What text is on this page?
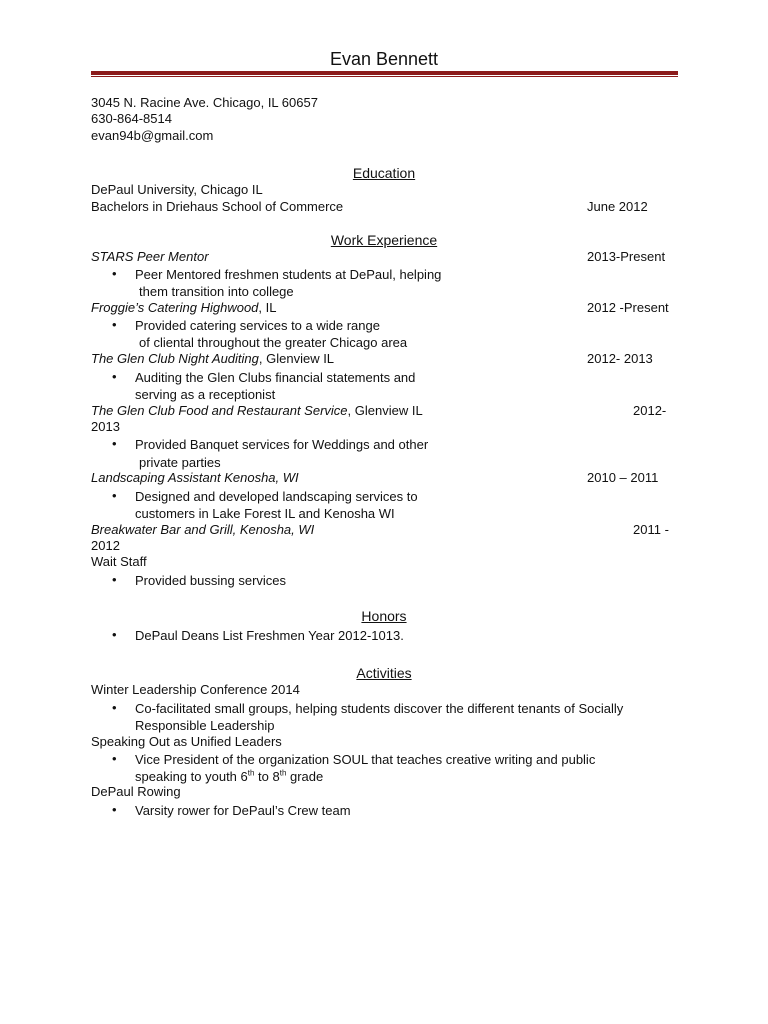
Evan Bennett
3045 N. Racine Ave. Chicago, IL 60657
630-864-8514
evan94b@gmail.com
Education
DePaul University, Chicago IL
Bachelors in Driehaus School of Commerce	June 2012
Work Experience
STARS Peer Mentor	2013-Present
• Peer Mentored freshmen students at DePaul, helping
them transition into college
Froggie’s Catering Highwood, IL	2012 -Present
• Provided catering services to a wide range
of cliental throughout the greater Chicago area
The Glen Club Night Auditing, Glenview IL	2012- 2013
• Auditing the Glen Clubs financial statements and
serving as a receptionist
The Glen Club Food and Restaurant Service, Glenview IL	2012-
2013
• Provided Banquet services for Weddings and other
private parties
Landscaping Assistant Kenosha, WI	2010 – 2011
• Designed and developed landscaping services to
customers in Lake Forest IL and Kenosha WI
Breakwater Bar and Grill, Kenosha, WI	2011 -
2012
Wait Staff
• Provided bussing services
Honors
• DePaul Deans List Freshmen Year 2012-1013.
Activities
Winter Leadership Conference 2014
• Co-facilitated small groups, helping students discover the different tenants of Socially
Responsible Leadership
Speaking Out as Unified Leaders
• Vice President of the organization SOUL that teaches creative writing and public
speaking to youth 6th to 8th grade
DePaul Rowing
• Varsity rower for DePaul’s Crew team
